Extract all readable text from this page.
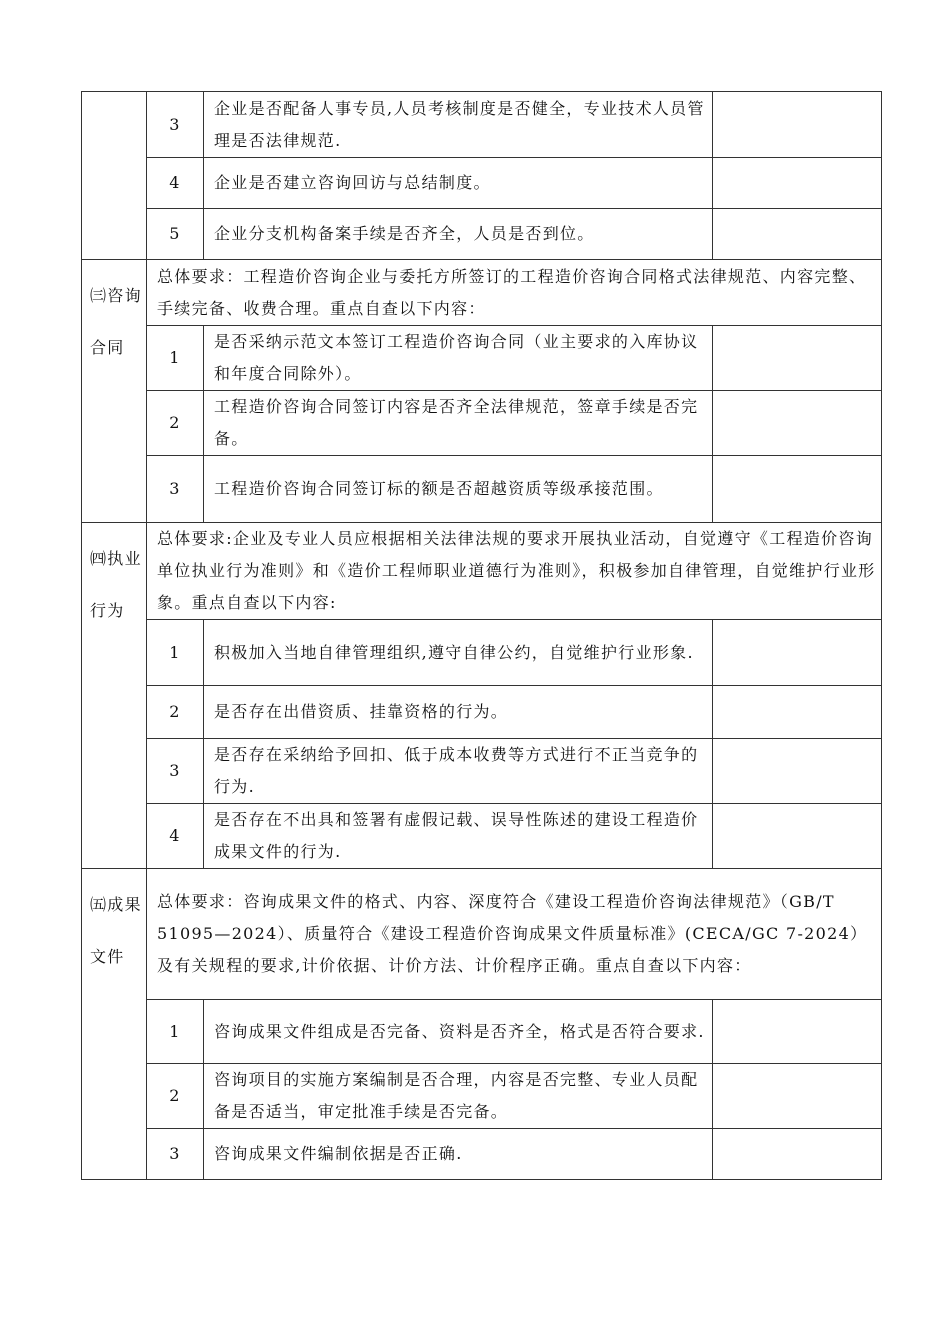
	3	企业是否配备人事专员,人员考核制度是否健全，专业技术人员管理是否法律规范.	
	4	企业是否建立咨询回访与总结制度。	
	5	企业分支机构备案手续是否齐全，人员是否到位。	
㈢咨询合同	总体要求：工程造价咨询企业与委托方所签订的工程造价咨询合同格式法律规范、内容完整、手续完备、收费合理。重点自查以下内容：		
	1	是否采纳示范文本签订工程造价咨询合同（业主要求的入库协议和年度合同除外）。	
	2	工程造价咨询合同签订内容是否齐全法律规范，签章手续是否完备。	
	3	工程造价咨询合同签订标的额是否超越资质等级承接范围。	
㈣执业行为	总体要求:企业及专业人员应根据相关法律法规的要求开展执业活动，自觉遵守《工程造价咨询单位执业行为准则》和《造价工程师职业道德行为准则》，积极参加自律管理，自觉维护行业形象。重点自查以下内容:		
	1	积极加入当地自律管理组织,遵守自律公约，自觉维护行业形象.	
	2	是否存在出借资质、挂靠资格的行为。	
	3	是否存在采纳给予回扣、低于成本收费等方式进行不正当竞争的行为.	
	4	是否存在不出具和签署有虚假记载、误导性陈述的建设工程造价成果文件的行为.	
㈤成果文件	总体要求：咨询成果文件的格式、内容、深度符合《建设工程造价咨询法律规范》（GB/T 51095—2024）、质量符合《建设工程造价咨询成果文件质量标准》(CECA/GC 7-2024）及有关规程的要求,计价依据、计价方法、计价程序正确。重点自查以下内容：		
	1	咨询成果文件组成是否完备、资料是否齐全，格式是否符合要求.	
	2	咨询项目的实施方案编制是否合理，内容是否完整、专业人员配备是否适当，审定批准手续是否完备。	
	3	咨询成果文件编制依据是否正确.	
